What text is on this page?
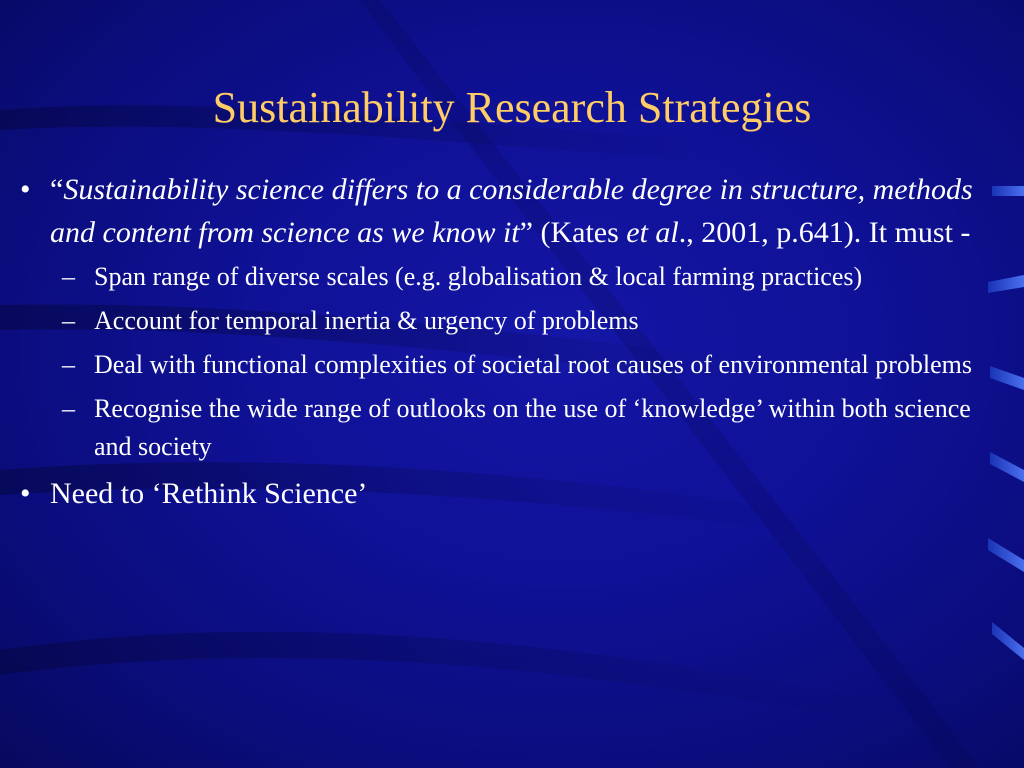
Sustainability Research Strategies
• “Sustainability science differs to a considerable degree in structure, methods and content from science as we know it” (Kates et al., 2001, p.641). It must -
– Span range of diverse scales (e.g. globalisation & local farming practices)
– Account for temporal inertia & urgency of problems
– Deal with functional complexities of societal root causes of environmental problems
– Recognise the wide range of outlooks on the use of ‘knowledge’ within both science and society
• Need to ‘Rethink Science’
